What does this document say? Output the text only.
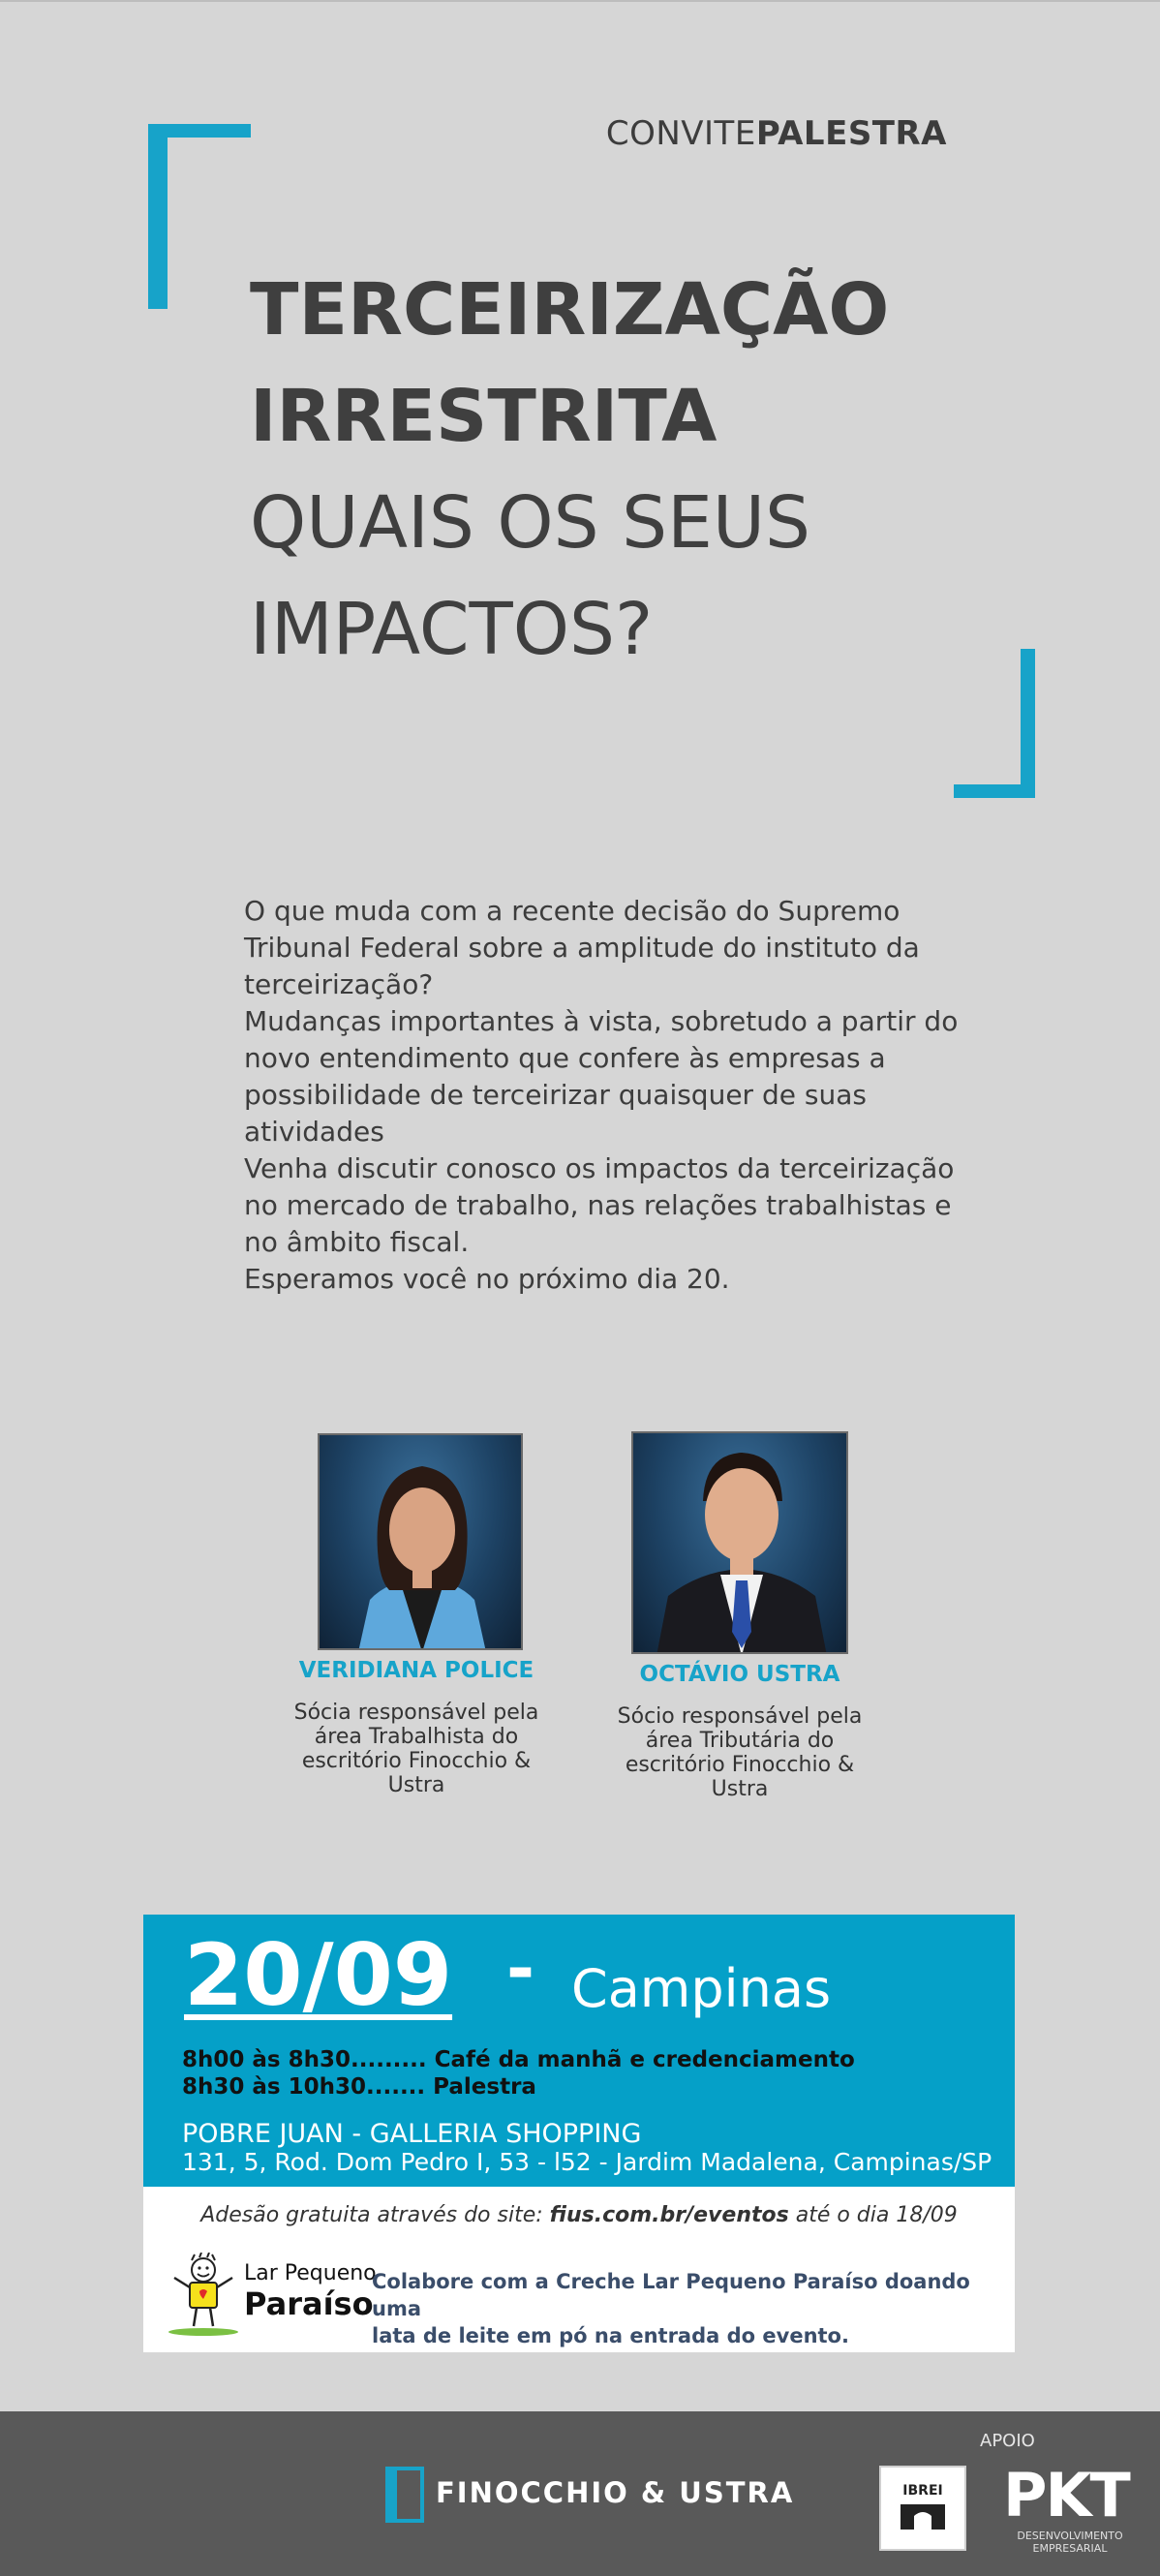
CONVITEPALESTRA
TERCEIRIZAÇÃO
IRRESTRITA
QUAIS OS SEUS
IMPACTOS?

O que muda com a recente decisão do Supremo

Tribunal Federal sobre a amplitude do instituto da

terceirização?

Mudanças importantes à vista, sobretudo a partir do

novo entendimento que confere às empresas a

possibilidade de terceirizar quaisquer de suas

atividades

Venha discutir conosco os impactos da terceirização

no mercado de trabalho, nas relações trabalhistas e

no âmbito fiscal.

Esperamos você no próximo dia 20.

VERIDIANA POLICE
Sócia responsável pela
área Trabalhista do
escritório Finocchio &
Ustra
OCTÁVIO USTRA
Sócio responsável pela
área Tributária do
escritório Finocchio &
Ustra
20/09 - Campinas
8h00 às 8h30......... Café da manhã e credenciamento
8h30 às 10h30....... Palestra
POBRE JUAN - GALLERIA SHOPPING
131, 5, Rod. Dom Pedro I, 53 - l52 - Jardim Madalena, Campinas/SP
Adesão gratuita através do site: fius.com.br/eventos até o dia 18/09
Lar Pequeno
Paraíso
Colabore com a Creche Lar Pequeno Paraíso doando uma
lata de leite em pó na entrada do evento.
FINOCCHIO & USTRA
APOIO
IBREI	PKT
DESENVOLVIMENTO
EMPRESARIAL
